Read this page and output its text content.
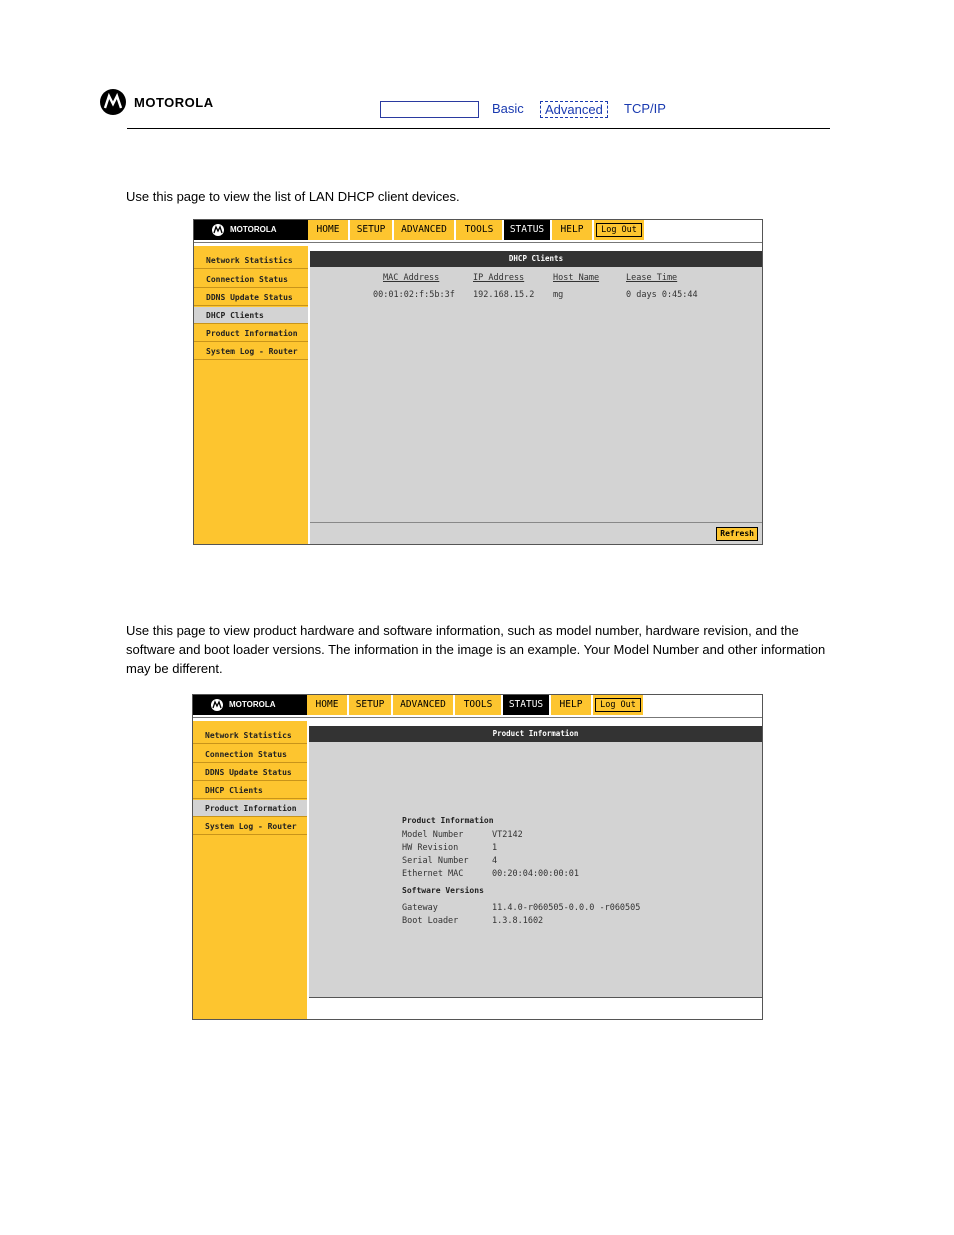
MOTOROLA	Basic	Advanced	TCP/IP
Use this page to view the list of LAN DHCP client devices.
MOTOROLA	HOME	SETUP	ADVANCED	TOOLS	STATUS	HELP	Log Out
Network Statistics
Connection Status
DDNS Update Status
DHCP Clients
Product Information
System Log - Router
DHCP Clients
MAC Address	IP Address	Host Name	Lease Time
00:01:02:f:5b:3f 192.168.15.2 mg	0 days 0:45:44
Refresh
Use this page to view product hardware and software information, such as model number, hardware revision, and the software and boot loader versions. The information in the image is an example. Your Model Number and other information may be different.
MOTOROLA	HOME	SETUP	ADVANCED	TOOLS	STATUS	HELP	Log Out
Network Statistics
Connection Status
DDNS Update Status
DHCP Clients
Product Information
System Log - Router
Product Information
Product Information
Model Number	VT2142
HW Revision	1
Serial Number	4
Ethernet MAC	00:20:04:00:00:01
Software Versions
Gateway	11.4.0-r060505-0.0.0 -r060505
Boot Loader	1.3.8.1602
